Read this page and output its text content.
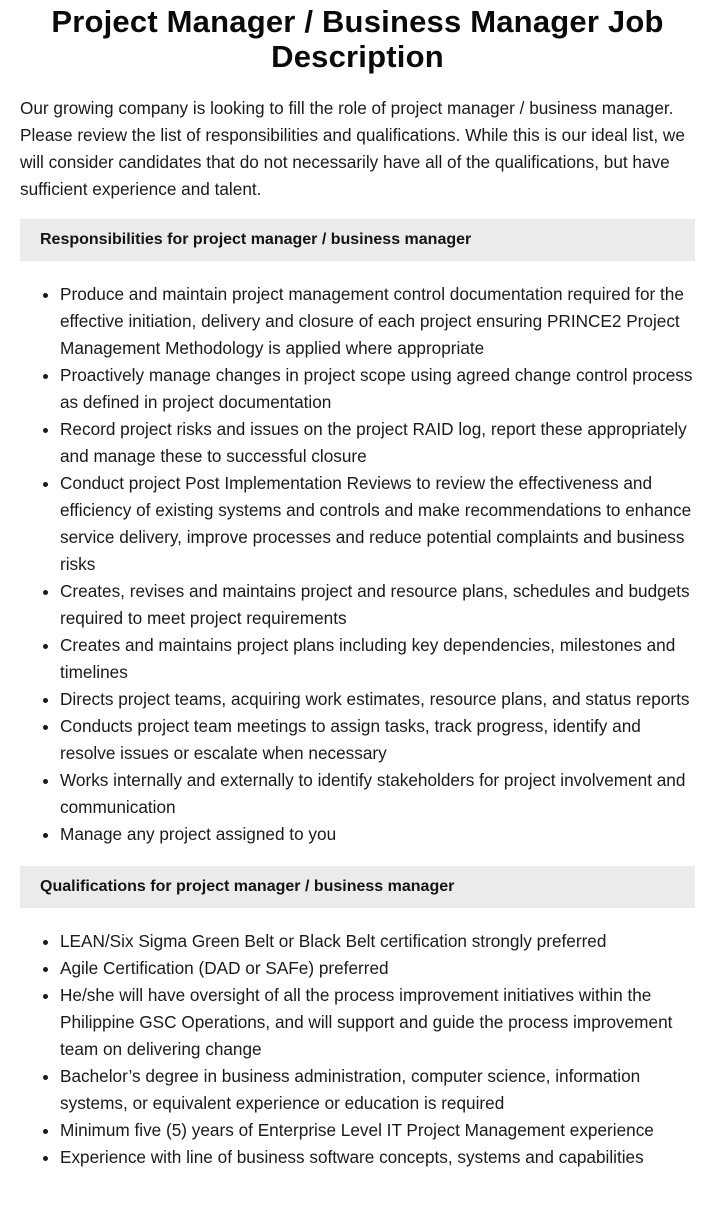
Project Manager / Business Manager Job Description

Our growing company is looking to fill the role of project manager / business manager. Please review the list of responsibilities and qualifications. While this is our ideal list, we will consider candidates that do not necessarily have all of the qualifications, but have sufficient experience and talent.

Responsibilities for project manager / business manager
Produce and maintain project management control documentation required for the effective initiation, delivery and closure of each project ensuring PRINCE2 Project Management Methodology is applied where appropriate
Proactively manage changes in project scope using agreed change control process as defined in project documentation
Record project risks and issues on the project RAID log, report these appropriately and manage these to successful closure
Conduct project Post Implementation Reviews to review the effectiveness and efficiency of existing systems and controls and make recommendations to enhance service delivery, improve processes and reduce potential complaints and business risks
Creates, revises and maintains project and resource plans, schedules and budgets required to meet project requirements
Creates and maintains project plans including key dependencies, milestones and timelines
Directs project teams, acquiring work estimates, resource plans, and status reports
Conducts project team meetings to assign tasks, track progress, identify and resolve issues or escalate when necessary
Works internally and externally to identify stakeholders for project involvement and communication
Manage any project assigned to you
Qualifications for project manager / business manager
LEAN/Six Sigma Green Belt or Black Belt certification strongly preferred
Agile Certification (DAD or SAFe) preferred
He/she will have oversight of all the process improvement initiatives within the Philippine GSC Operations, and will support and guide the process improvement team on delivering change
Bachelor’s degree in business administration, computer science, information systems, or equivalent experience or education is required
Minimum five (5) years of Enterprise Level IT Project Management experience
Experience with line of business software concepts, systems and capabilities
